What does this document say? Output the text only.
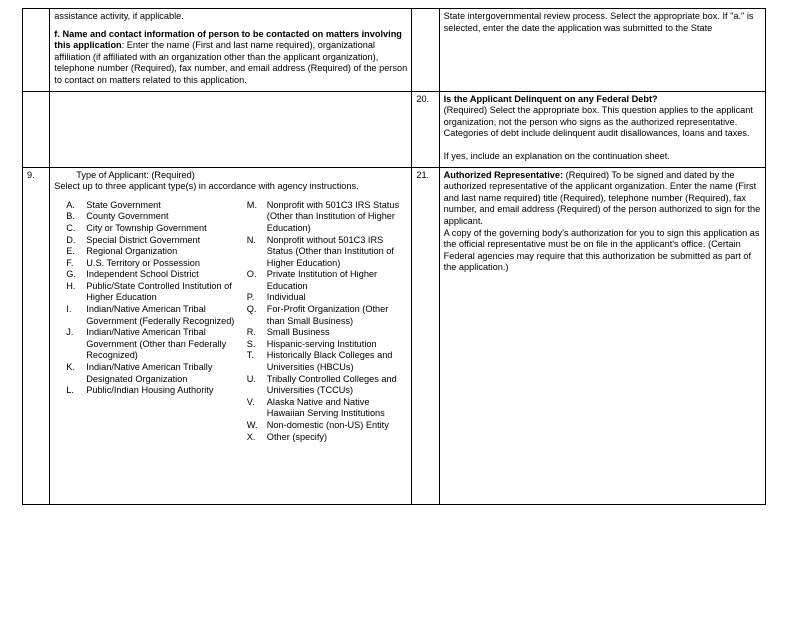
	assistance activity, if applicable.

f. Name and contact information of person to be contacted on matters involving this application: Enter the name (First and last name required), organizational affiliation (if affiliated with an organization other than the applicant organization), telephone number (Required), fax number, and email address (Required) of the person to contact on matters related to this application.		State intergovernmental review process. Select the appropriate box. If "a." is selected, enter the date the application was submitted to the State

		20.	Is the Applicant Delinquent on any Federal Debt?
(Required) Select the appropriate box. This question applies to the applicant organization, not the person who signs as the authorized representative. Categories of debt include delinquent audit disallowances, loans and taxes.

If yes, include an explanation on the continuation sheet.

9.	Type of Applicant: (Required)

Select up to three applicant type(s) in accordance with agency instructions.

A.	State Government
B.	County Government
C.	City or Township Government
D.	Special District Government
E.	Regional Organization
F.	U.S. Territory or Possession
G.	Independent School District
H.	Public/State Controlled Institution of Higher Education
I.	Indian/Native American Tribal Government (Federally Recognized)
J.	Indian/Native American Tribal Government (Other than Federally Recognized)
K.	Indian/Native American Tribally Designated Organization
L.	Public/Indian Housing Authority
M.	Nonprofit with 501C3 IRS Status (Other than Institution of Higher Education)
N.	Nonprofit without 501C3 IRS Status (Other than Institution of Higher Education)
O.	Private Institution of Higher Education
P.	Individual
Q.	For-Profit Organization (Other than Small Business)
R.	Small Business
S.	Hispanic-serving Institution
T.	Historically Black Colleges and Universities (HBCUs)
U.	Tribally Controlled Colleges and Universities (TCCUs)
V.	Alaska Native and Native Hawaiian Serving Institutions
W.	Non-domestic (non-US) Entity
X.	Other (specify)
	21.	Authorized Representative: (Required) To be signed and dated by the authorized representative of the applicant organization. Enter the name (First and last name required) title (Required), telephone number (Required), fax number, and email address (Required) of the person authorized to sign for the applicant.

A copy of the governing body's authorization for you to sign this application as the official representative must be on file in the applicant's office. (Certain Federal agencies may require that this authorization be submitted as part of the application.)
